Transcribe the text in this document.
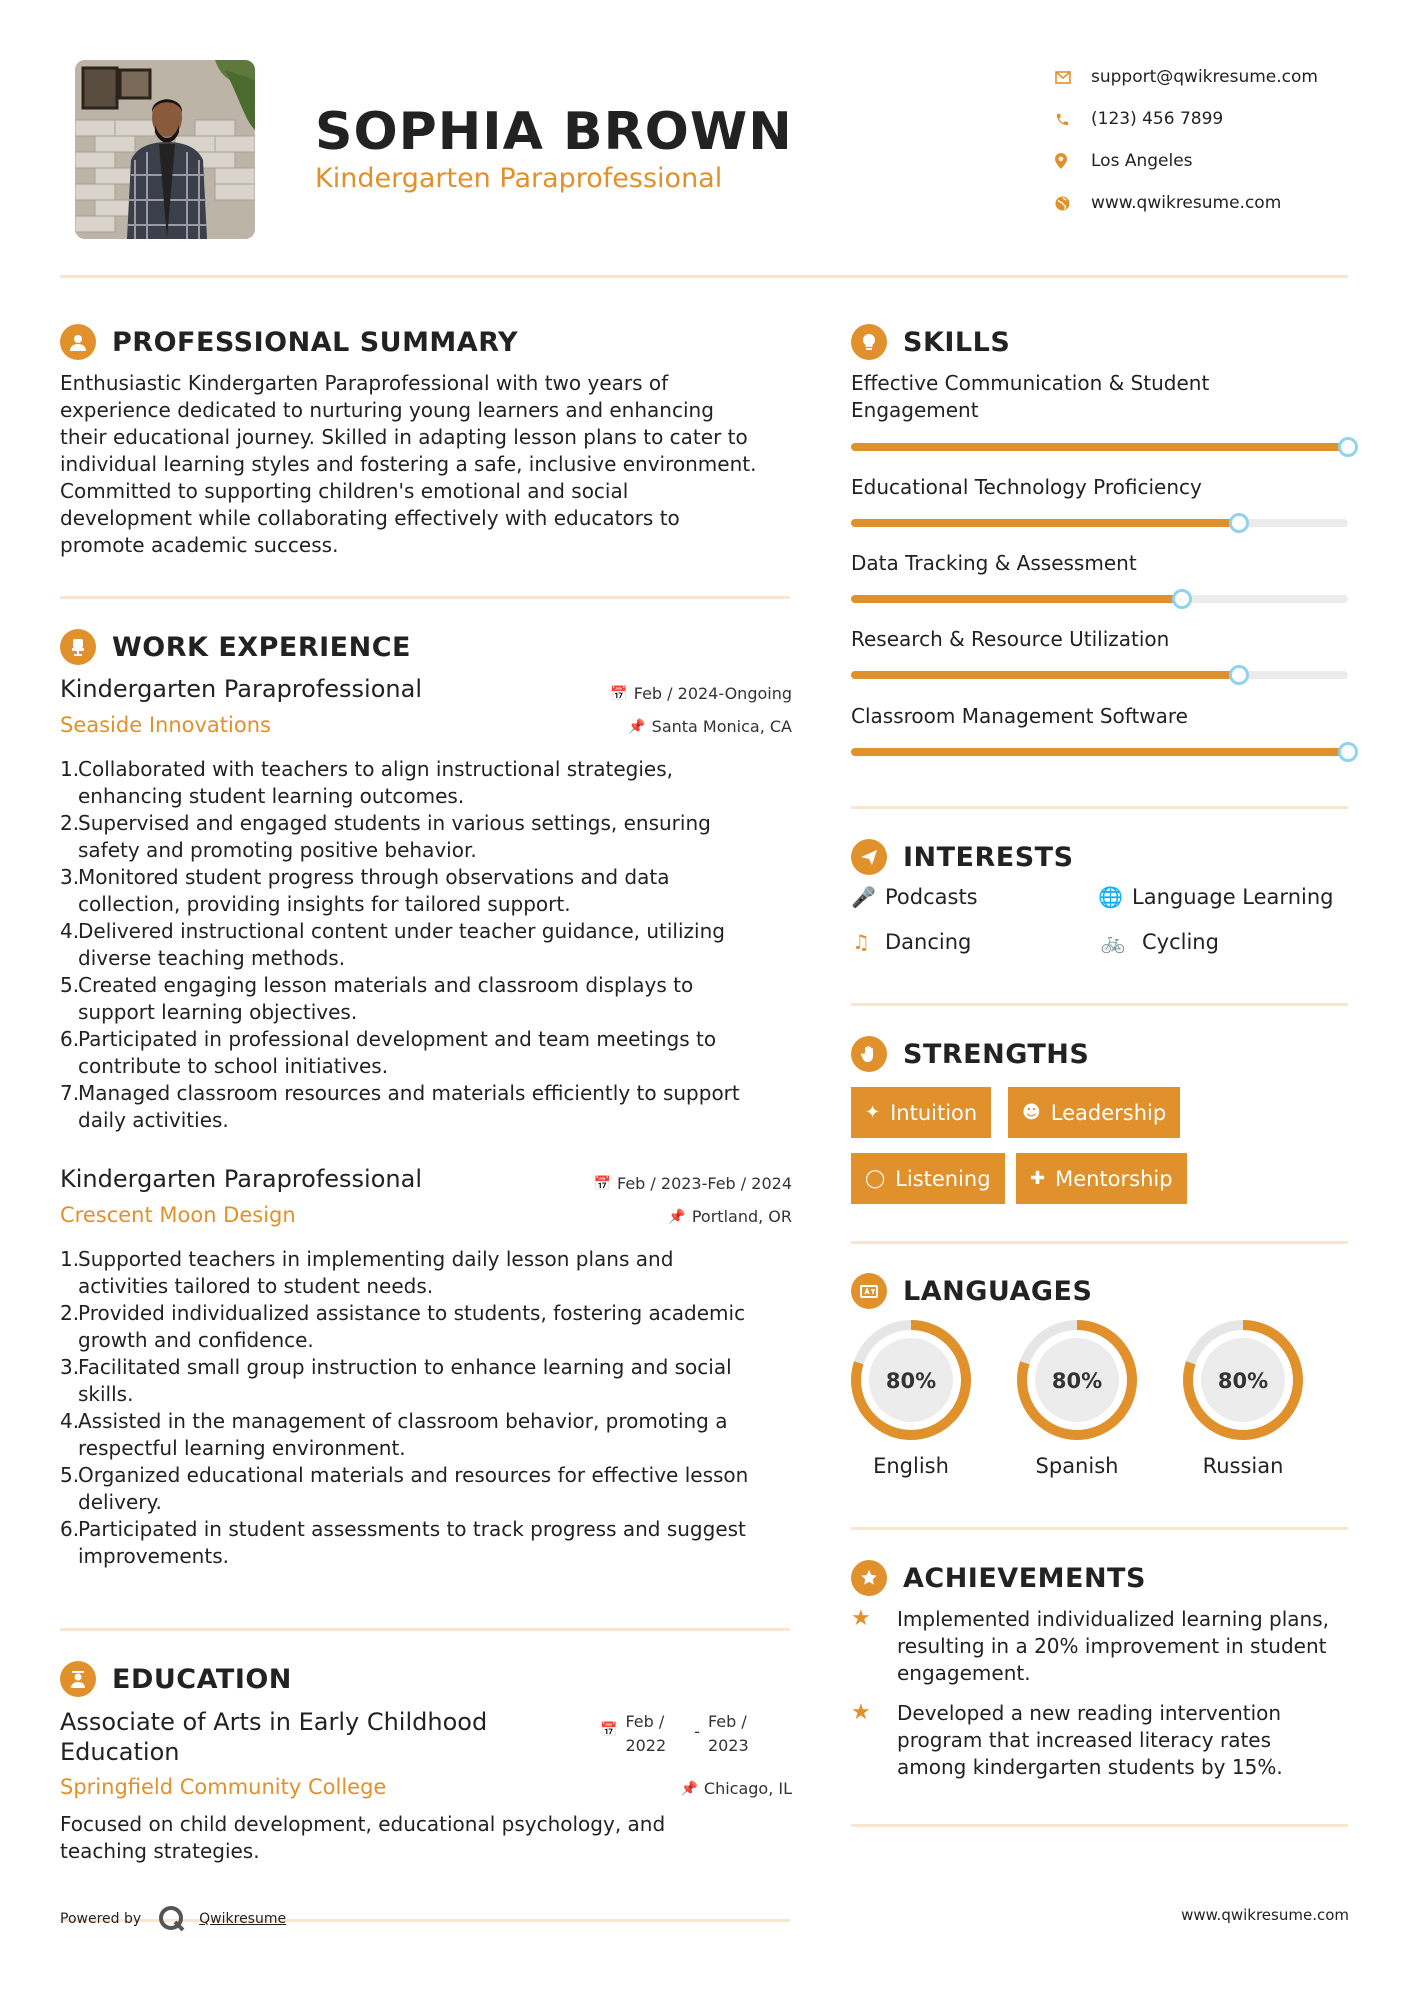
SOPHIA BROWN
Kindergarten Paraprofessional
support@qwikresume.com
(123) 456 7899
Los Angeles
www.qwikresume.com
PROFESSIONAL SUMMARY
Enthusiastic Kindergarten Paraprofessional with two years of
experience dedicated to nurturing young learners and enhancing
their educational journey. Skilled in adapting lesson plans to cater to
individual learning styles and fostering a safe, inclusive environment.
Committed to supporting children's emotional and social
development while collaborating effectively with educators to
promote academic success.
WORK EXPERIENCE
Kindergarten Paraprofessional	📅 Feb / 2024-Ongoing
Seaside Innovations	📌 Santa Monica, CA
1.Collaborated with teachers to align instructional strategies,
enhancing student learning outcomes.
2.Supervised and engaged students in various settings, ensuring
safety and promoting positive behavior.
3.Monitored student progress through observations and data
collection, providing insights for tailored support.
4.Delivered instructional content under teacher guidance, utilizing
diverse teaching methods.
5.Created engaging lesson materials and classroom displays to
support learning objectives.
6.Participated in professional development and team meetings to
contribute to school initiatives.
7.Managed classroom resources and materials efficiently to support
daily activities.
Kindergarten Paraprofessional	📅 Feb / 2023-Feb / 2024
Crescent Moon Design	📌 Portland, OR
1.Supported teachers in implementing daily lesson plans and
activities tailored to student needs.
2.Provided individualized assistance to students, fostering academic
growth and confidence.
3.Facilitated small group instruction to enhance learning and social
skills.
4.Assisted in the management of classroom behavior, promoting a
respectful learning environment.
5.Organized educational materials and resources for effective lesson
delivery.
6.Participated in student assessments to track progress and suggest
improvements.
EDUCATION
Associate of Arts in Early Childhood
Education
📅 Feb /
2022
-
Feb /
2023
Springfield Community College	📌 Chicago, IL
Focused on child development, educational psychology, and
teaching strategies.
SKILLS
Effective Communication & Student
Engagement
Educational Technology Proficiency
Data Tracking & Assessment
Research & Resource Utilization
Classroom Management Software
INTERESTS
🎤 Podcasts	🌐 Language Learning
♫ Dancing	🚲 Cycling
STRENGTHS
✦ Intuition ☻ Leadership
◯ Listening ✚ Mentorship
LANGUAGES
80%
English
80%
Spanish
80%
Russian
ACHIEVEMENTS
★	Implemented individualized learning plans,
resulting in a 20% improvement in student
engagement.
★	Developed a new reading intervention
program that increased literacy rates
among kindergarten students by 15%.
Powered by	Qwikresume	www.qwikresume.com
